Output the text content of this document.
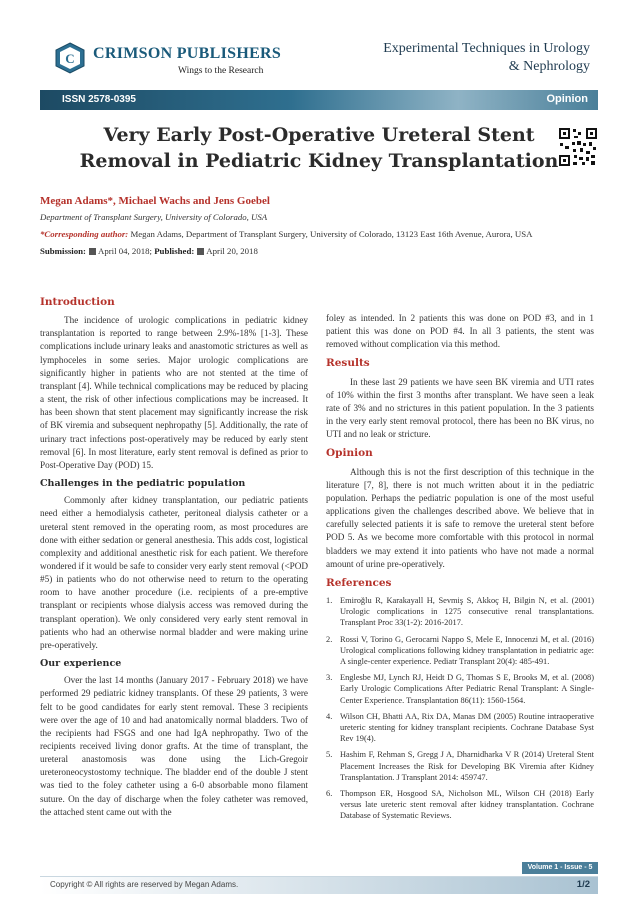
C CRIMSON PUBLISHERS
Wings to the Research
Experimental Techniques in Urology
& Nephrology
ISSN 2578-0395	Opinion
Very Early Post-Operative Ureteral Stent
Removal in Pediatric Kidney Transplantation
Megan Adams*, Michael Wachs and Jens Goebel
Department of Transplant Surgery, University of Colorado, USA
*Corresponding author: Megan Adams, Department of Transplant Surgery, University of Colorado, 13123 East 16th Avenue, Aurora, USA
Submission: April 04, 2018; Published: April 20, 2018
Introduction

The incidence of urologic complications in pediatric kidney transplantation is reported to range between 2.9%-18% [1-3]. These complications include urinary leaks and anastomotic strictures as well as lymphoceles in some series. Major urologic complications are significantly higher in patients who are not stented at the time of transplant [4]. While technical complications may be reduced by placing a stent, the risk of other infectious complications may be increased. It has been shown that stent placement may significantly increase the risk of BK viremia and subsequent nephropathy [5]. Additionally, the rate of urinary tract infections post-operatively may be reduced by early stent removal [6]. In most literature, early stent removal is defined as prior to Post-Operative Day (POD) 15.

Challenges in the pediatric population

Commonly after kidney transplantation, our pediatric patients need either a hemodialysis catheter, peritoneal dialysis catheter or a ureteral stent removed in the operating room, as most procedures are done with either sedation or general anesthesia. This adds cost, logistical complexity and additional anesthetic risk for each patient. We therefore wondered if it would be safe to consider very early stent removal (<POD #5) in patients who do not otherwise need to return to the operating room to have another procedure (i.e. recipients of a pre-emptive transplant or recipients whose dialysis access was removed during the transplant operation). We only considered very early stent removal in patients who had an otherwise normal bladder and were making urine pre-operatively.

Our experience

Over the last 14 months (January 2017 - February 2018) we have performed 29 pediatric kidney transplants. Of these 29 patients, 3 were felt to be good candidates for early stent removal. These 3 recipients were over the age of 10 and had anatomically normal bladders. Two of the recipients had FSGS and one had IgA nephropathy. Two of the recipients received living donor grafts. At the time of transplant, the ureteral anastomosis was done using the Lich-Gregoir ureteroneocystostomy technique. The bladder end of the double J stent was tied to the foley catheter using a 6-0 absorbable mono filament suture. On the day of discharge when the foley catheter was removed, the attached stent came out with the

foley as intended. In 2 patients this was done on POD #3, and in 1 patient this was done on POD #4. In all 3 patients, the stent was removed without complication via this method.

Results

In these last 29 patients we have seen BK viremia and UTI rates of 10% within the first 3 months after transplant. We have seen a leak rate of 3% and no strictures in this patient population. In the 3 patients in the very early stent removal protocol, there has been no BK virus, no UTI and no leak or stricture.

Opinion

Although this is not the first description of this technique in the literature [7, 8], there is not much written about it in the pediatric population. Perhaps the pediatric population is one of the most useful applications given the challenges described above. We believe that in carefully selected patients it is safe to remove the ureteral stent before POD 5. As we become more comfortable with this protocol in normal bladders we may extend it into patients who have not made a normal amount of urine pre-operatively.

References
1. Emiroğlu R, Karakayall H, Sevmiş S, Akkoç H, Bilgin N, et al. (2001) Urologic complications in 1275 consecutive renal transplantations. Transplant Proc 33(1-2): 2016-2017.
2. Rossi V, Torino G, Gerocarni Nappo S, Mele E, Innocenzi M, et al. (2016) Urological complications following kidney transplantation in pediatric age: A single-center experience. Pediatr Transplant 20(4): 485-491.
3. Englesbe MJ, Lynch RJ, Heidt D G, Thomas S E, Brooks M, et al. (2008) Early Urologic Complications After Pediatric Renal Transplant: A Single-Center Experience. Transplantation 86(11): 1560-1564.
4. Wilson CH, Bhatti AA, Rix DA, Manas DM (2005) Routine intraoperative ureteric stenting for kidney transplant recipients. Cochrane Database Syst Rev 19(4).
5. Hashim F, Rehman S, Gregg J A, Dharnidharka V R (2014) Ureteral Stent Placement Increases the Risk for Developing BK Viremia after Kidney Transplantation. J Transplant 2014: 459747.
6. Thompson ER, Hosgood SA, Nicholson ML, Wilson CH (2018) Early versus late ureteric stent removal after kidney transplantation. Cochrane Database of Systematic Reviews.
Volume 1 - Issue - 5
Copyright © All rights are reserved by Megan Adams.	1/2
